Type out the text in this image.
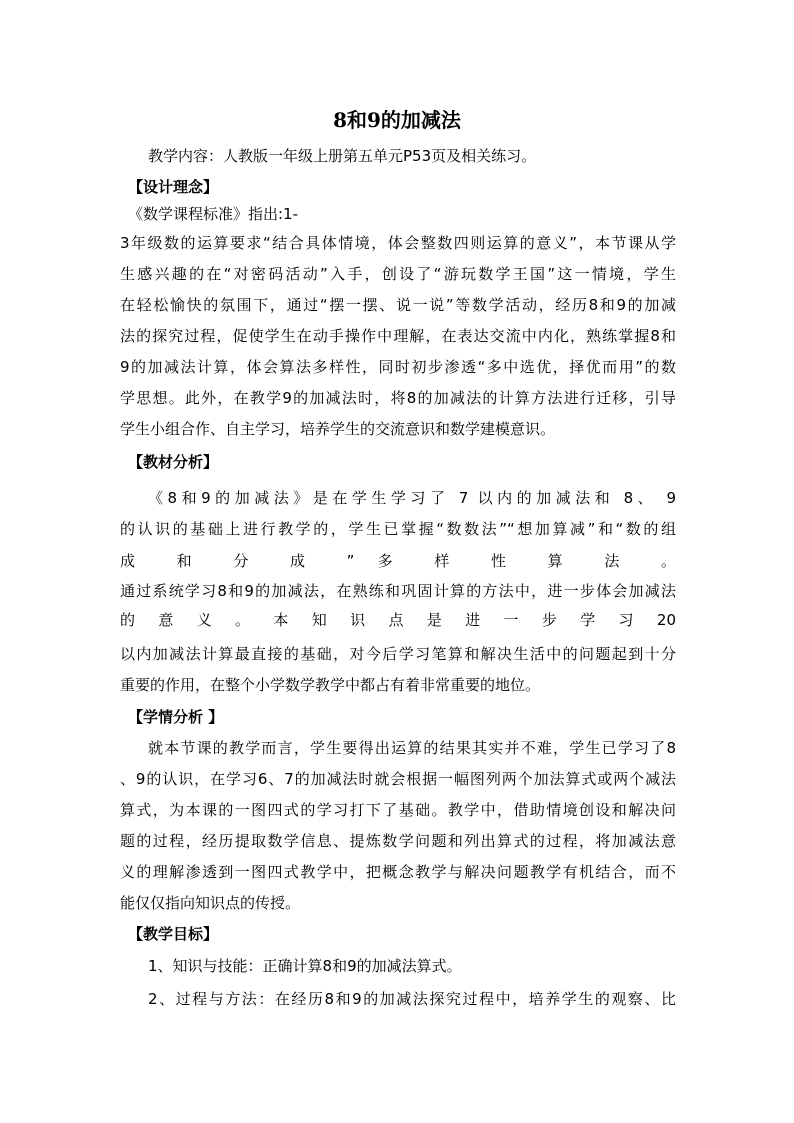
8和9的加减法

教学内容：人教版一年级上册第五单元P53页及相关练习。

【设计理念】

《数学课程标准》指出:1-

3年级数的运算要求“结合具体情境，体会整数四则运算的意义”，本节课从学

生感兴趣的在“对密码活动”入手，创设了“游玩数学王国”这一情境，学生

在轻松愉快的氛围下，通过“摆一摆、说一说”等数学活动，经历8和9的加减

法的探究过程，促使学生在动手操作中理解，在表达交流中内化，熟练掌握8和

9的加减法计算，体会算法多样性，同时初步渗透“多中选优，择优而用”的数

学思想。此外，在教学9的加减法时，将8的加减法的计算方法进行迁移，引导

学生小组合作、自主学习，培养学生的交流意识和数学建模意识。

【教材分析】

《8和9的加减法》是在学生学习了 7 以内的加减法和 8、 9

的认识的基础上进行教学的，学生已掌握“数数法”“想加算减”和“数的组

成 和 分 成 ” 多 样 性 算 法 。

通过系统学习8和9的加减法，在熟练和巩固计算的方法中，进一步体会加减法

的 意 义 。 本 知 识 点 是 进 一 步 学 习 20

以内加减法计算最直接的基础，对今后学习笔算和解决生活中的问题起到十分

重要的作用，在整个小学数学教学中都占有着非常重要的地位。

【学情分析 】

就本节课的教学而言，学生要得出运算的结果其实并不难，学生已学习了8

、9的认识，在学习6、7的加减法时就会根据一幅图列两个加法算式或两个减法

算式，为本课的一图四式的学习打下了基础。教学中，借助情境创设和解决问

题的过程，经历提取数学信息、提炼数学问题和列出算式的过程，将加减法意

义的理解渗透到一图四式教学中，把概念教学与解决问题教学有机结合，而不

能仅仅指向知识点的传授。

【教学目标】

1、知识与技能：正确计算8和9的加减法算式。

2、过程与方法：在经历8和9的加减法探究过程中，培养学生的观察、比
